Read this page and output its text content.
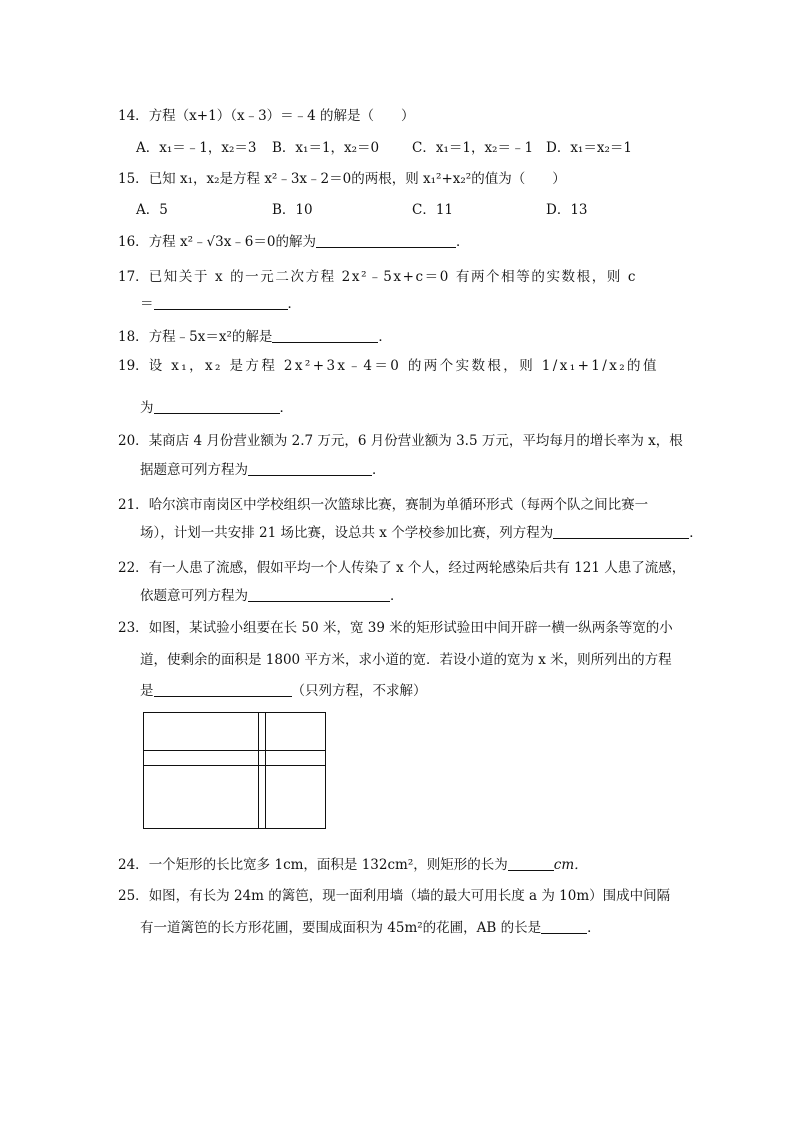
14．方程（x+1）（x﹣3）＝﹣4 的解是（　　）
A．x₁＝﹣1，x₂＝3 B．x₁＝1，x₂＝0 C．x₁＝1，x₂＝﹣1 D．x₁＝x₂＝1
15．已知 x₁，x₂是方程 x²﹣3x﹣2＝0的两根，则 x₁²+x₂²的值为（　　）
A．5	B．10	C．11	D．13
16．方程 x²﹣√3x﹣6＝0的解为	．
17．已知关于 x 的一元二次方程 2x²﹣5x+c＝0 有两个相等的实数根，则 c
＝	．
18．方程﹣5x＝x²的解是	．
19．设 x₁，x₂ 是方程 2x²+3x﹣4＝0 的两个实数根，则 1/x₁+1/x₂的值
为	．
20．某商店 4 月份营业额为 2.7 万元，6 月份营业额为 3.5 万元，平均每月的增长率为 x，根
据题意可列方程为	．
21．哈尔滨市南岗区中学校组织一次篮球比赛，赛制为单循环形式（每两个队之间比赛一
场），计划一共安排 21 场比赛，设总共 x 个学校参加比赛，列方程为	．
22．有一人患了流感，假如平均一个人传染了 x 个人，经过两轮感染后共有 121 人患了流感，
依题意可列方程为	．
23．如图，某试验小组要在长 50 米，宽 39 米的矩形试验田中间开辟一横一纵两条等宽的小
道，使剩余的面积是 1800 平方米，求小道的宽．若设小道的宽为 x 米，则所列出的方程
是	（只列方程，不求解）
24．一个矩形的长比宽多 1cm，面积是 132cm²，则矩形的长为	cm．
25．如图，有长为 24m 的篱笆，现一面利用墙（墙的最大可用长度 a 为 10m）围成中间隔
有一道篱笆的长方形花圃，要围成面积为 45m²的花圃，AB 的长是	．
